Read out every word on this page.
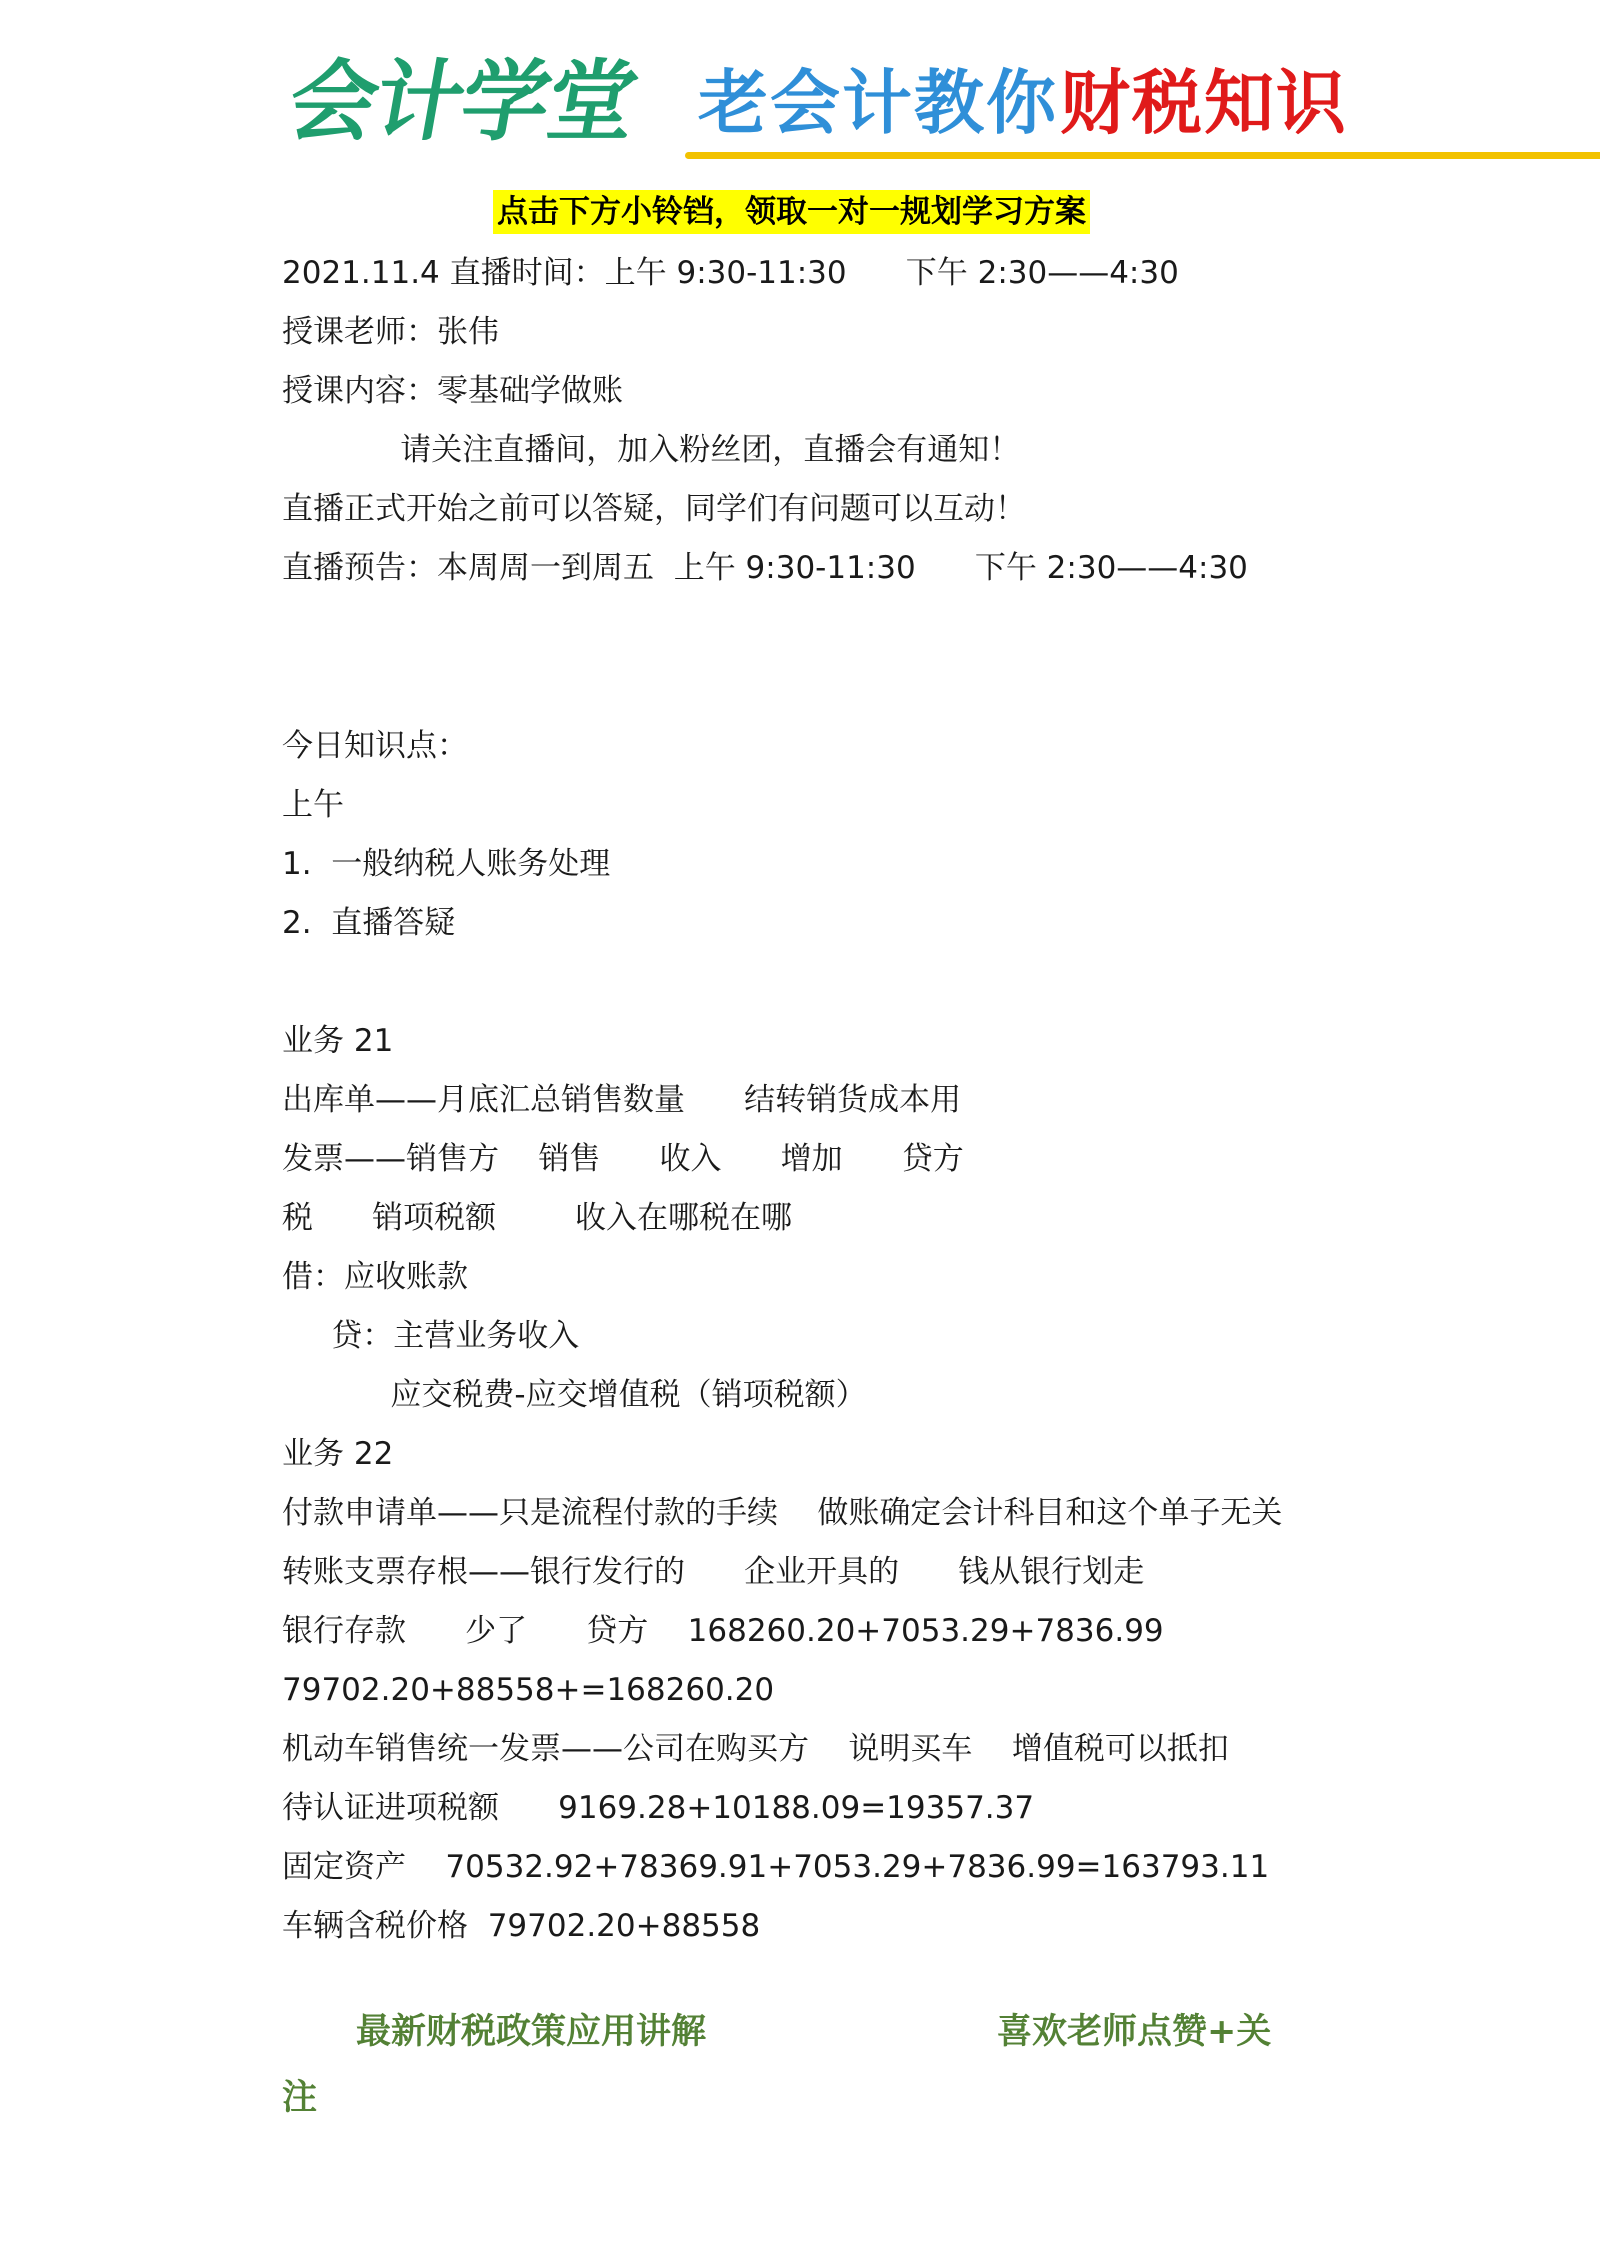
会计学堂 老会计教你 财税知识
点击下方小铃铛，领取一对一规划学习方案
2021.11.4 直播时间：上午 9:30-11:30      下午 2:30——4:30
授课老师：张伟
授课内容：零基础学做账
请关注直播间，加入粉丝团，直播会有通知！
直播正式开始之前可以答疑，同学们有问题可以互动！
直播预告：本周周一到周五  上午 9:30-11:30      下午 2:30——4:30
今日知识点：
上午
1.  一般纳税人账务处理
2.  直播答疑
业务 21
出库单——月底汇总销售数量      结转销货成本用
发票——销售方    销售      收入      增加      贷方
税      销项税额        收入在哪税在哪
借：应收账款
贷：主营业务收入
应交税费-应交增值税（销项税额）
业务 22
付款申请单——只是流程付款的手续    做账确定会计科目和这个单子无关
转账支票存根——银行发行的      企业开具的      钱从银行划走
银行存款      少了      贷方    168260.20+7053.29+7836.99
79702.20+88558+=168260.20
机动车销售统一发票——公司在购买方    说明买车    增值税可以抵扣
待认证进项税额      9169.28+10188.09=19357.37
固定资产    70532.92+78369.91+7053.29+7836.99=163793.11
车辆含税价格  79702.20+88558
最新财税政策应用讲解	喜欢老师点赞+关
注
